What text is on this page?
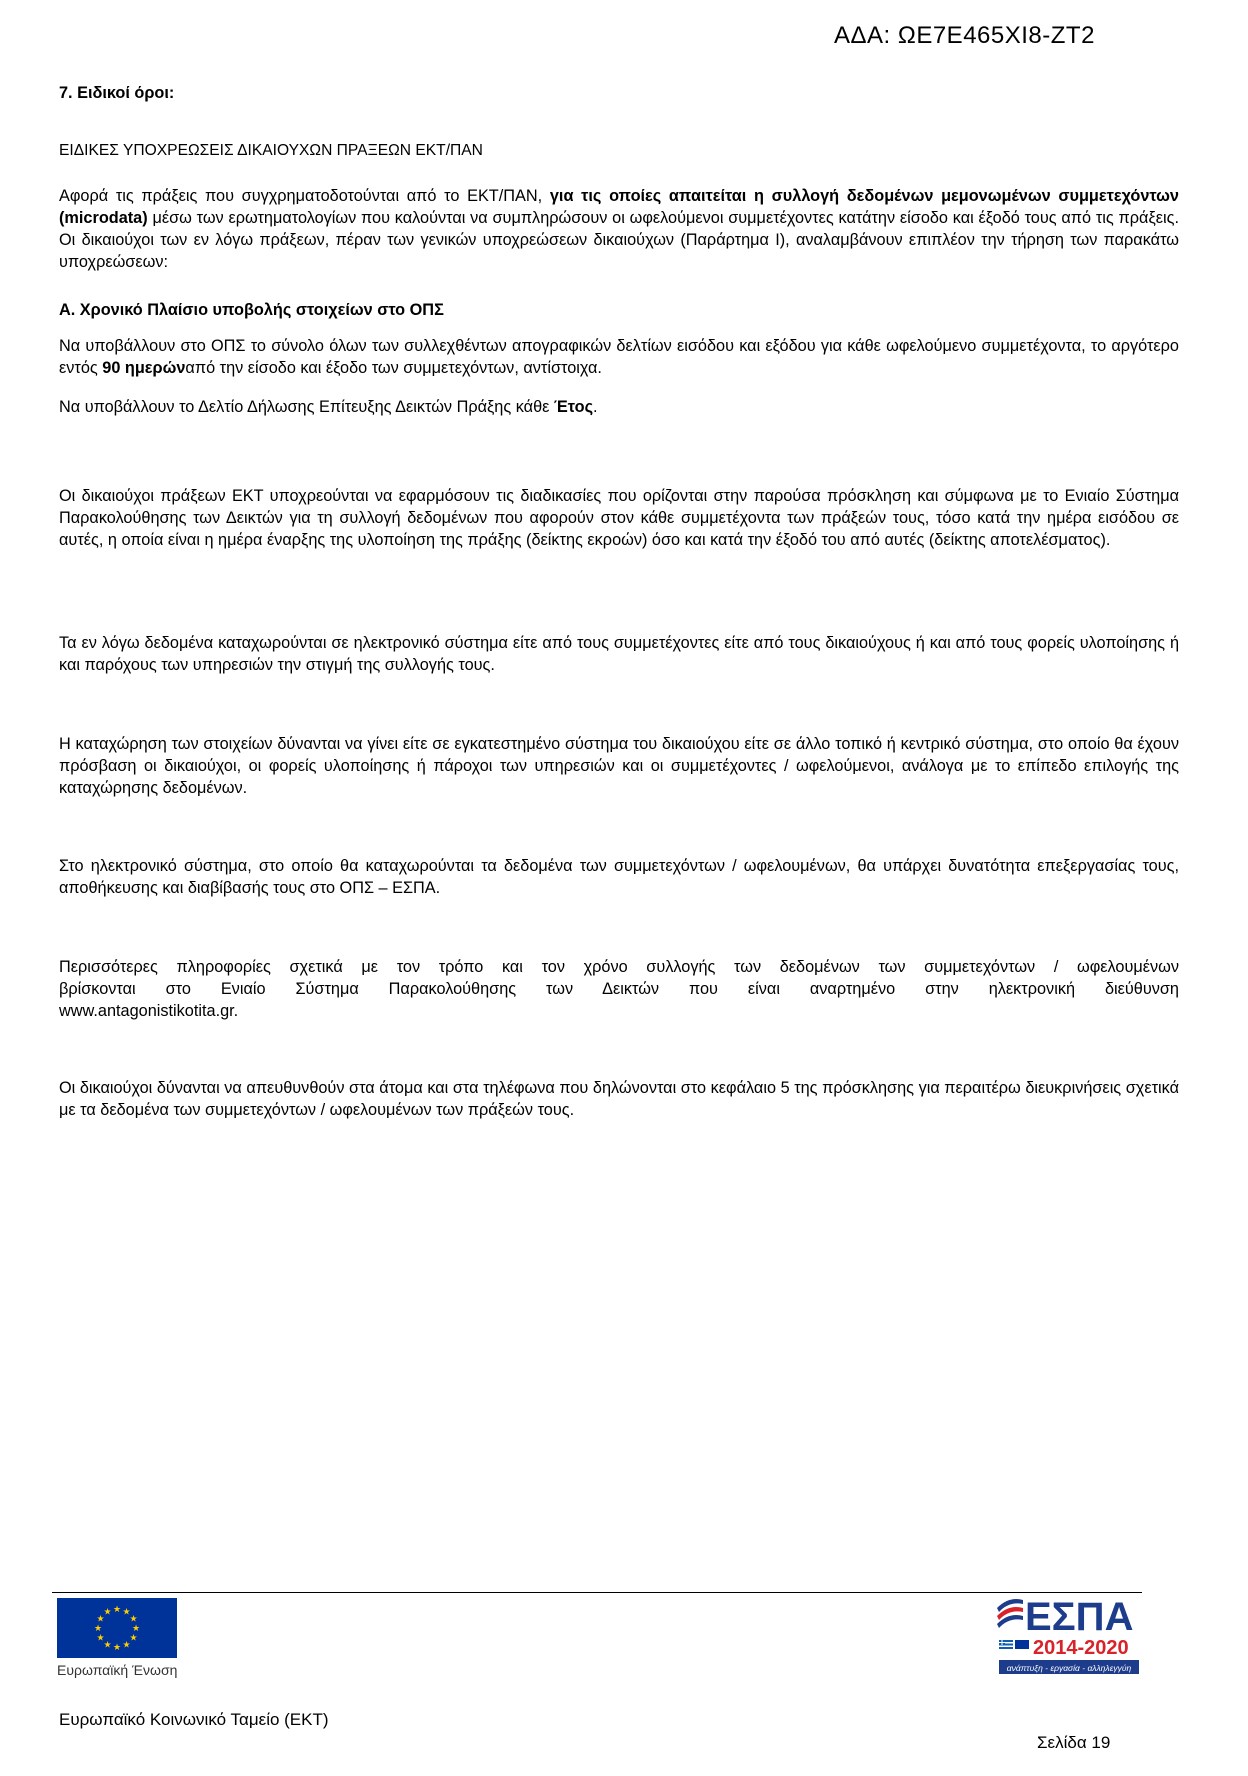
ΑΔΑ: ΩΕ7Ε465ΧΙ8-ΖΤ2
7. Ειδικοί όροι:
ΕΙΔΙΚΕΣ ΥΠΟΧΡΕΩΣΕΙΣ ΔΙΚΑΙΟΥΧΩΝ ΠΡΑΞΕΩΝ ΕΚΤ/ΠΑΝ
Αφορά τις πράξεις που συγχρηματοδοτούνται από το ΕΚΤ/ΠΑΝ, για τις οποίες απαιτείται η συλλογή δεδομένων μεμονωμένων συμμετεχόντων (microdata) μέσω των ερωτηματολογίων που καλούνται να συμπληρώσουν οι ωφελούμενοι συμμετέχοντες κατάτην είσοδο και έξοδό τους από τις πράξεις. Οι δικαιούχοι των εν λόγω πράξεων, πέραν των γενικών υποχρεώσεων δικαιούχων (Παράρτημα Ι), αναλαμβάνουν επιπλέον την τήρηση των παρακάτω υποχρεώσεων:
Α. Χρονικό Πλαίσιο υποβολής στοιχείων στο ΟΠΣ
Να υποβάλλουν στο ΟΠΣ το σύνολο όλων των συλλεχθέντων απογραφικών δελτίων εισόδου και εξόδου για κάθε ωφελούμενο συμμετέχοντα, το αργότερο εντός 90 ημερώναπό την είσοδο και έξοδο των συμμετεχόντων, αντίστοιχα.
Να υποβάλλουν το Δελτίο Δήλωσης Επίτευξης Δεικτών Πράξης κάθε Έτος.
Οι δικαιούχοι πράξεων ΕΚΤ υποχρεούνται να εφαρμόσουν τις διαδικασίες που ορίζονται στην παρούσα πρόσκληση και σύμφωνα με το Ενιαίο Σύστημα Παρακολούθησης των Δεικτών για τη συλλογή δεδομένων που αφορούν στον κάθε συμμετέχοντα των πράξεών τους, τόσο κατά την ημέρα εισόδου σε αυτές, η οποία είναι η ημέρα έναρξης της υλοποίηση της πράξης (δείκτης εκροών) όσο και κατά την έξοδό του από αυτές (δείκτης αποτελέσματος).
Τα εν λόγω δεδομένα καταχωρούνται σε ηλεκτρονικό σύστημα είτε από τους συμμετέχοντες είτε από τους δικαιούχους ή και από τους φορείς υλοποίησης ή και παρόχους των υπηρεσιών την στιγμή της συλλογής τους.
Η καταχώρηση των στοιχείων δύνανται να γίνει είτε σε εγκατεστημένο σύστημα του δικαιούχου είτε σε άλλο τοπικό ή κεντρικό σύστημα, στο οποίο θα έχουν πρόσβαση οι δικαιούχοι, οι φορείς υλοποίησης ή πάροχοι των υπηρεσιών και οι συμμετέχοντες / ωφελούμενοι, ανάλογα με το επίπεδο επιλογής της καταχώρησης δεδομένων.
Στο ηλεκτρονικό σύστημα, στο οποίο θα καταχωρούνται τα δεδομένα των συμμετεχόντων / ωφελουμένων, θα υπάρχει δυνατότητα επεξεργασίας τους, αποθήκευσης και διαβίβασής τους στο ΟΠΣ – ΕΣΠΑ.
Περισσότερες πληροφορίες σχετικά με τον τρόπο και τον χρόνο συλλογής των δεδομένων των συμμετεχόντων / ωφελουμένων
βρίσκονται στο Ενιαίο Σύστημα Παρακολούθησης των Δεικτών που είναι αναρτημένο στην ηλεκτρονική διεύθυνση
www.antagonistikotita.gr.
Οι δικαιούχοι δύνανται να απευθυνθούν στα άτομα και στα τηλέφωνα που δηλώνονται στο κεφάλαιο 5 της πρόσκλησης για περαιτέρω διευκρινήσεις σχετικά με τα δεδομένα των συμμετεχόντων / ωφελουμένων των πράξεών τους.
★ ★
★
★
★
★
★
★
★
★
★
★
Ευρωπαϊκή Ένωση
ΕΣΠΑ
2014-2020
ανάπτυξη - εργασία - αλληλεγγύη
Ευρωπαϊκό Κοινωνικό Ταμείο (ΕΚΤ)
Σελίδα 19
